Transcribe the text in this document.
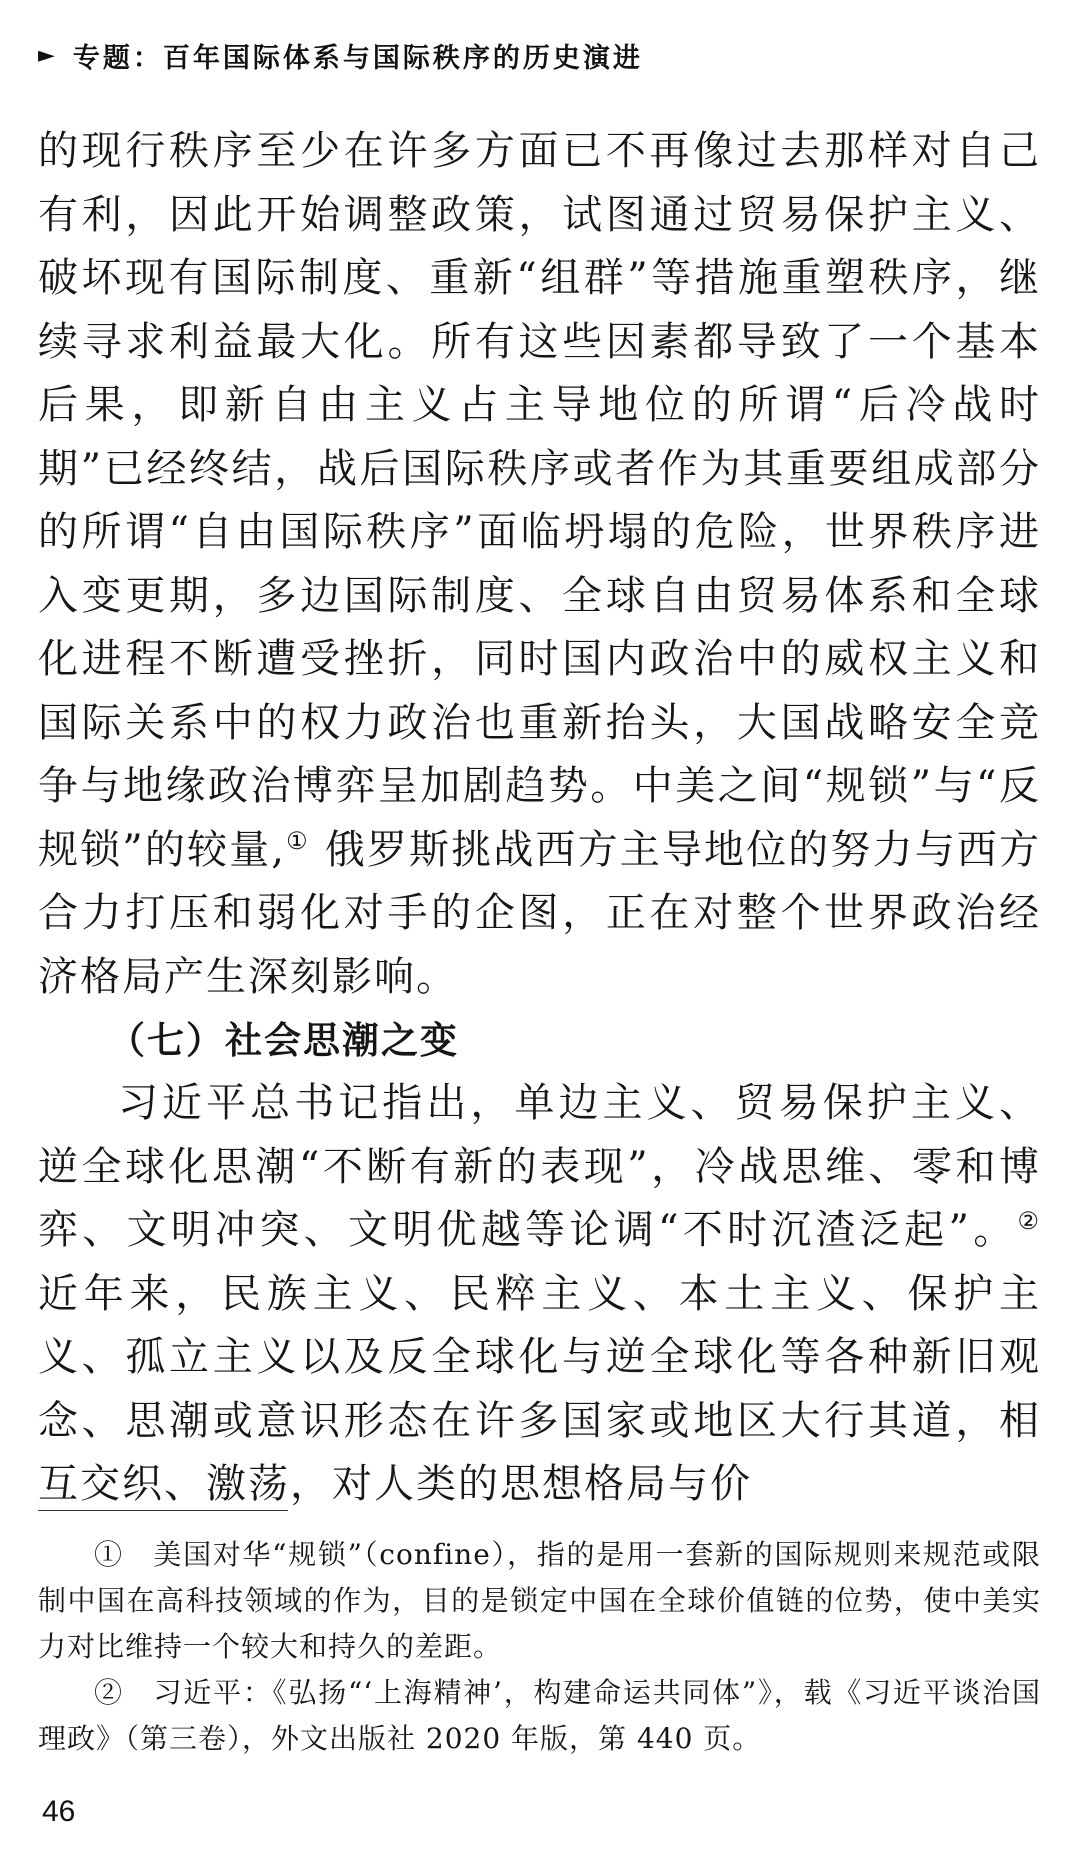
► 专题：百年国际体系与国际秩序的历史演进

的现行秩序至少在许多方面已不再像过去那样对自己有利，因此开始调整政策，试图通过贸易保护主义、破坏现有国际制度、重新“组群”等措施重塑秩序，继续寻求利益最大化。所有这些因素都导致了一个基本后果，即新自由主义占主导地位的所谓“后冷战时期”已经终结，战后国际秩序或者作为其重要组成部分的所谓“自由国际秩序”面临坍塌的危险，世界秩序进入变更期，多边国际制度、全球自由贸易体系和全球化进程不断遭受挫折，同时国内政治中的威权主义和国际关系中的权力政治也重新抬头，大国战略安全竞争与地缘政治博弈呈加剧趋势。中美之间“规锁”与“反规锁”的较量,① 俄罗斯挑战西方主导地位的努力与西方合力打压和弱化对手的企图，正在对整个世界政治经济格局产生深刻影响。

（七）社会思潮之变

习近平总书记指出，单边主义、贸易保护主义、逆全球化思潮“不断有新的表现”，冷战思维、零和博弈、文明冲突、文明优越等论调“不时沉渣泛起”。② 近年来，民族主义、民粹主义、本土主义、保护主义、孤立主义以及反全球化与逆全球化等各种新旧观念、思潮或意识形态在许多国家或地区大行其道，相互交织、激荡，对人类的思想格局与价

①　美国对华“规锁”（confine），指的是用一套新的国际规则来规范或限制中国在高科技领域的作为，目的是锁定中国在全球价值链的位势，使中美实力对比维持一个较大和持久的差距。

②　习近平：《弘扬“‘上海精神’，构建命运共同体”》，载《习近平谈治国理政》（第三卷），外文出版社 2020 年版，第 440 页。

46
